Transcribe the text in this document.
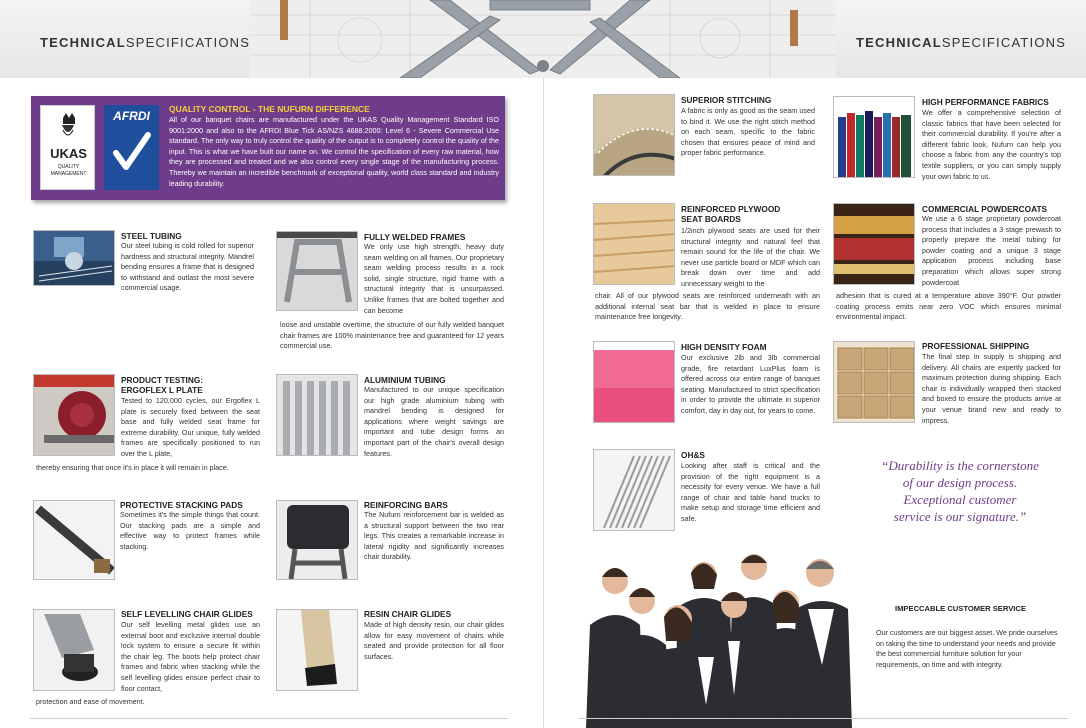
TECHNICALSPECIFICATIONS	TECHNICALSPECIFICATIONS
UKAS
QUALITY
MANAGEMENT
AFRDI	QUALITY CONTROL - THE NUFURN DIFFERENCE
All of our banquet chairs are manufactured under the UKAS Quality Management Standard ISO 9001:2000 and also to the AFRDI Blue Tick AS/NZS 4688:2000: Level 6 - Severe Commercial Use standard. The only way to truly control the quality of the output is to completely control the quality of the input. This is what we have built our name on. We control the specification of every raw material, how they are processed and treated and we also control every single stage of the manufacturing process. Thereby we maintain an incredible benchmark of exceptional quality, world class standard and industry leading durability.
STEEL TUBING
Our steel tubing is cold rolled for superior hardness and structural integrity. Mandrel bending ensures a frame that is designed to withstand and outlast the most severe commercial usage.
FULLY WELDED FRAMES
We only use high strength, heavy duty seam welding on all frames. Our proprietary seam welding process results in a rock solid, single structure, rigid frame with a structural integrity that is unsurpassed. Unlike frames that are bolted together and can become
loose and unstable overtime, the structure of our fully welded banquet chair frames are 100% maintenance free and guaranteed for 12 years commercial use.
PRODUCT TESTING:
ERGOFLEX L PLATE
Tested to 120,000 cycles, our Ergoflex L plate is securely fixed between the seat base and fully welded seat frame for extreme durability. Our unique, fully welded frames are specifically positioned to run over the L plate,
thereby ensuring that once it's in place it will remain in place.
ALUMINIUM TUBING
Manufactured to our unique specification our high grade aluminium tubing with mandrel bending is designed for applications where weight savings are important and tube design forms an important part of the chair's overall design features.
PROTECTIVE STACKING PADS
Sometimes it's the simple things that count. Our stacking pads are a simple and effective way to protect frames while stacking.
REINFORCING BARS
The Nufurn reinforcement bar is welded as a structural support between the two rear legs. This creates a remarkable increase in lateral rigidity and significantly increases chair durability.
SELF LEVELLING CHAIR GLIDES
Our self levelling metal glides use an external boot and exclusive internal double lock system to ensure a secure fit within the chair leg. The boots help protect chair frames and fabric when stacking while the self levelling glides ensure perfect chair to floor contact,
protection and ease of movement.
RESIN CHAIR GLIDES
Made of high density resin, our chair glides allow for easy movement of chairs while seated and provide protection for all floor surfaces.
SUPERIOR STITCHING
A fabric is only as good as the seam used to bind it. We use the right stitch method on each seam, specific to the fabric chosen that ensures peace of mind and proper fabric performance.
HIGH PERFORMANCE FABRICS
We offer a comprehensive selection of classic fabrics that have been selected for their commercial durability. If you're after a different fabric look, Nufurn can help you choose a fabric from any the country's top textile suppliers, or you can simply supply your own fabric to us.
REINFORCED PLYWOOD
SEAT BOARDS
1/2inch plywood seats are used for their structural integrity and natural feel that remain sound for the life of the chair. We never use particle board or MDF which can break down over time and add unnecessary weight to the
chair. All of our plywood seats are reinforced underneath with an additional internal seat bar that is welded in place to ensure maintenance free longevity.
COMMERCIAL POWDERCOATS
We use a 6 stage proprietary powdercoat process that includes a 3 stage prewash to properly prepare the metal tubing for powder coating and a unique 3 stage application process including base preparation which allows super strong powdercoat
adhesion that is cured at a temperature above 390°F. Our powder coating process emits near zero VOC which ensures minimal environmental impact.
HIGH DENSITY FOAM
Our exclusive 2lb and 3lb commercial grade, fire retardant LuxPlus foam is offered across our entire range of banquet seating. Manufactured to strict specification in order to provide the ultimate in superior comfort, day in day out, for years to come.
PROFESSIONAL SHIPPING
The final step in supply is shipping and delivery. All chairs are expertly packed for maximum protection during shipping. Each chair is individually wrapped then stacked and boxed to ensure the products arrive at your venue brand new and ready to impress.
OH&S
Looking after staff is critical and the provision of the right equipment is a necessity for every venue. We have a full range of chair and table hand trucks to make setup and storage time efficient and safe.
“Durability is the cornerstone
of our design process.
Exceptional customer
service is our signature.”
IMPECCABLE CUSTOMER SERVICE
Our customers are our biggest asset. We pride ourselves on taking the time to understand your needs and provide the best commercial furniture solution for your requirements, on time and with integrity.
